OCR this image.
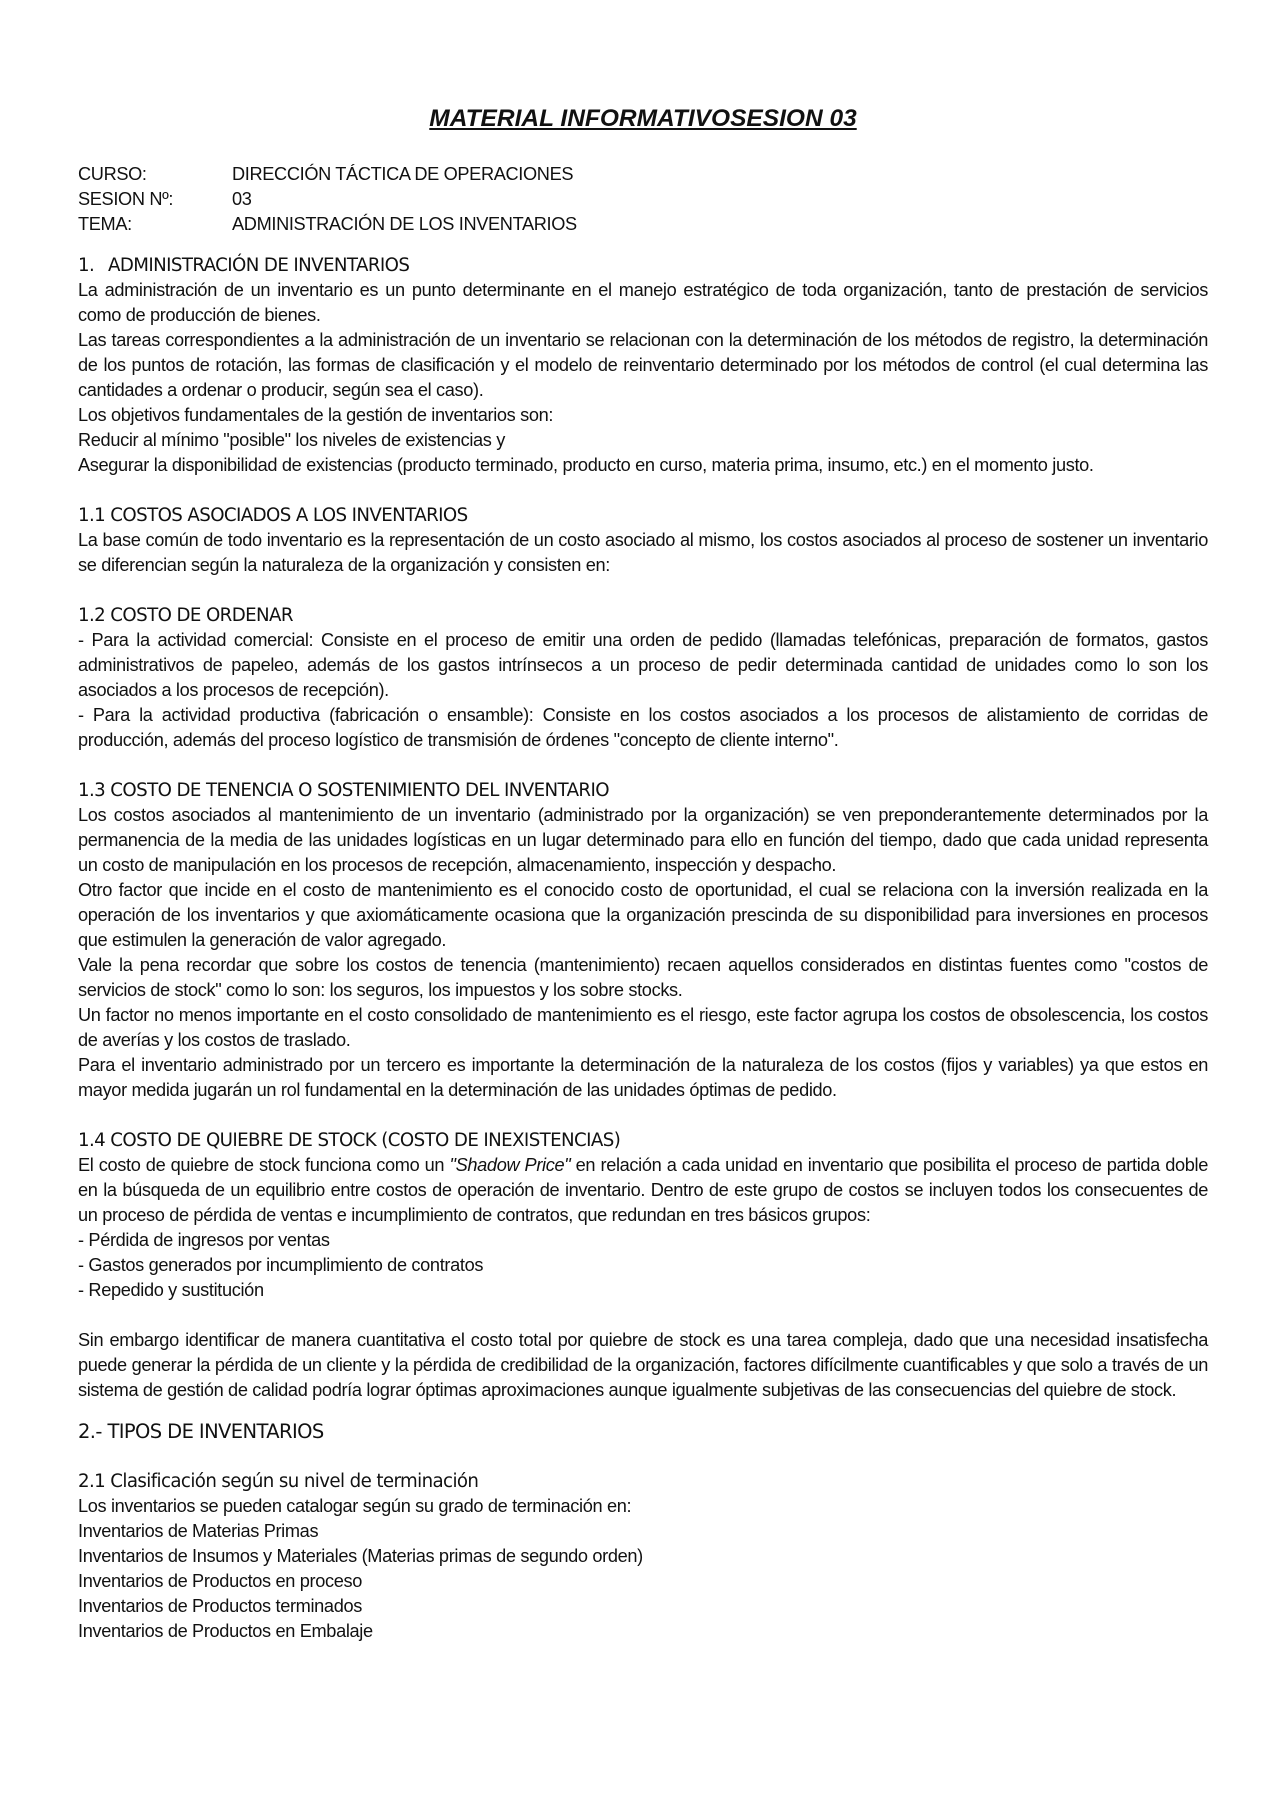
MATERIAL INFORMATIVOSESION 03
CURSO:	DIRECCIÓN TÁCTICA DE OPERACIONES
SESION Nº:	03
TEMA:	ADMINISTRACIÓN DE LOS INVENTARIOS
1. ADMINISTRACIÓN DE INVENTARIOS

La administración de un inventario es un punto determinante en el manejo estratégico de toda organización, tanto de prestación de servicios como de producción de bienes.

Las tareas correspondientes a la administración de un inventario se relacionan con la determinación de los métodos de registro, la determinación de los puntos de rotación, las formas de clasificación y el modelo de reinventario determinado por los métodos de control (el cual determina las cantidades a ordenar o producir, según sea el caso).

Los objetivos fundamentales de la gestión de inventarios son:

Reducir al mínimo "posible" los niveles de existencias y

Asegurar la disponibilidad de existencias (producto terminado, producto en curso, materia prima, insumo, etc.) en el momento justo.

1.1 COSTOS ASOCIADOS A LOS INVENTARIOS

La base común de todo inventario es la representación de un costo asociado al mismo, los costos asociados al proceso de sostener un inventario se diferencian según la naturaleza de la organización y consisten en:

1.2 COSTO DE ORDENAR

- Para la actividad comercial: Consiste en el proceso de emitir una orden de pedido (llamadas telefónicas, preparación de formatos, gastos administrativos de papeleo, además de los gastos intrínsecos a un proceso de pedir determinada cantidad de unidades como lo son los asociados a los procesos de recepción).

- Para la actividad productiva (fabricación o ensamble): Consiste en los costos asociados a los procesos de alistamiento de corridas de producción, además del proceso logístico de transmisión de órdenes "concepto de cliente interno".

1.3 COSTO DE TENENCIA O SOSTENIMIENTO DEL INVENTARIO

Los costos asociados al mantenimiento de un inventario (administrado por la organización) se ven preponderantemente determinados por la permanencia de la media de las unidades logísticas en un lugar determinado para ello en función del tiempo, dado que cada unidad representa un costo de manipulación en los procesos de recepción, almacenamiento, inspección y despacho.

Otro factor que incide en el costo de mantenimiento es el conocido costo de oportunidad, el cual se relaciona con la inversión realizada en la operación de los inventarios y que axiomáticamente ocasiona que la organización prescinda de su disponibilidad para inversiones en procesos que estimulen la generación de valor agregado.

Vale la pena recordar que sobre los costos de tenencia (mantenimiento) recaen aquellos considerados en distintas fuentes como "costos de servicios de stock" como lo son: los seguros, los impuestos y los sobre stocks.

Un factor no menos importante en el costo consolidado de mantenimiento es el riesgo, este factor agrupa los costos de obsolescencia, los costos de averías y los costos de traslado.

Para el inventario administrado por un tercero es importante la determinación de la naturaleza de los costos (fijos y variables) ya que estos en mayor medida jugarán un rol fundamental en la determinación de las unidades óptimas de pedido.

1.4 COSTO DE QUIEBRE DE STOCK (COSTO DE INEXISTENCIAS)

El costo de quiebre de stock funciona como un "Shadow Price" en relación a cada unidad en inventario que posibilita el proceso de partida doble en la búsqueda de un equilibrio entre costos de operación de inventario. Dentro de este grupo de costos se incluyen todos los consecuentes de un proceso de pérdida de ventas e incumplimiento de contratos, que redundan en tres básicos grupos:

- Pérdida de ingresos por ventas
- Gastos generados por incumplimiento de contratos
- Repedido y sustitución

Sin embargo identificar de manera cuantitativa el costo total por quiebre de stock es una tarea compleja, dado que una necesidad insatisfecha puede generar la pérdida de un cliente y la pérdida de credibilidad de la organización, factores difícilmente cuantificables y que solo a través de un sistema de gestión de calidad podría lograr óptimas aproximaciones aunque igualmente subjetivas de las consecuencias del quiebre de stock.

2.- TIPOS DE INVENTARIOS
2.1 Clasificación según su nivel de terminación

Los inventarios se pueden catalogar según su grado de terminación en:

Inventarios de Materias Primas
Inventarios de Insumos y Materiales (Materias primas de segundo orden)
Inventarios de Productos en proceso
Inventarios de Productos terminados
Inventarios de Productos en Embalaje
